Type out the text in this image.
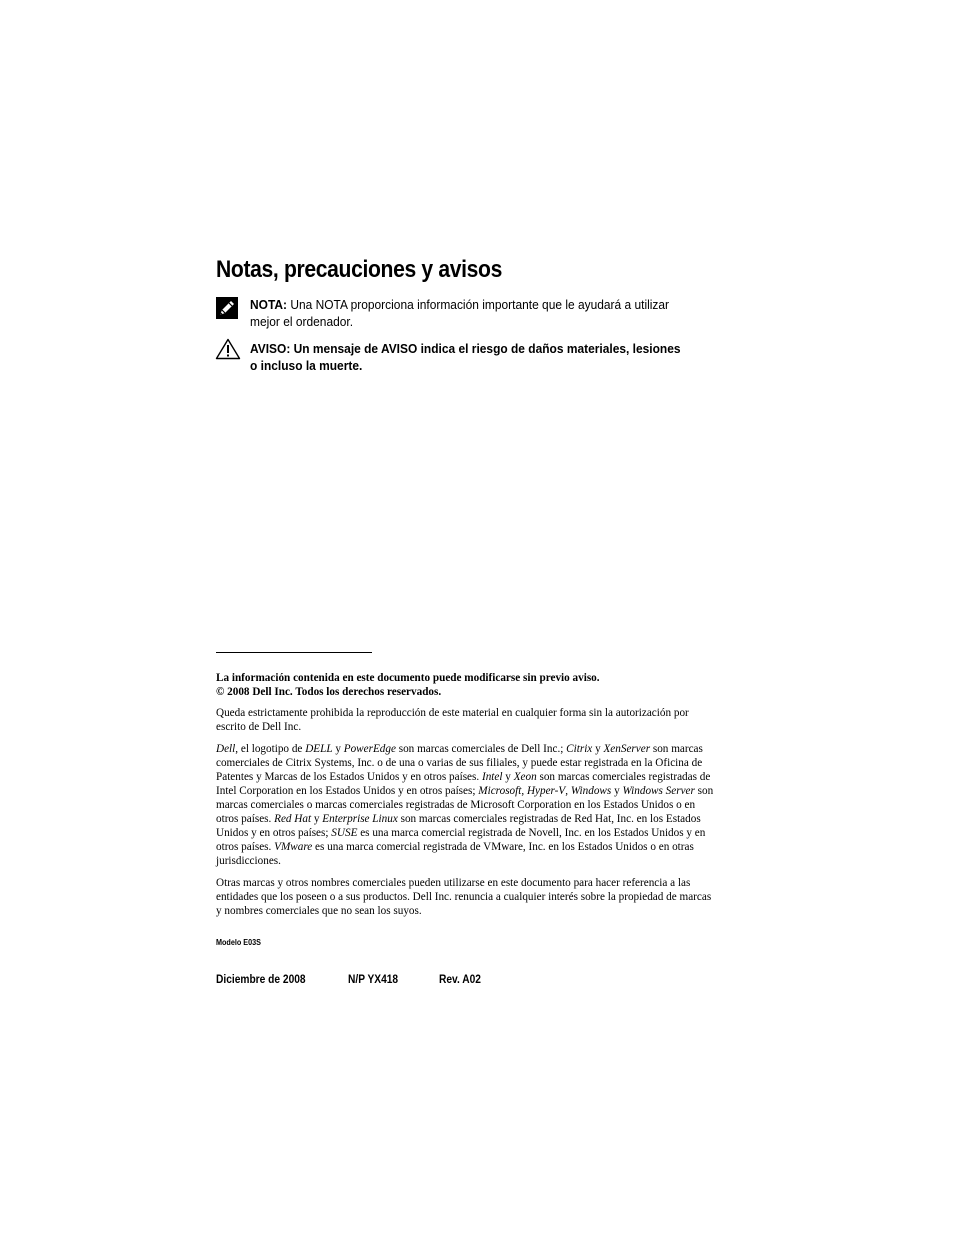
Notas, precauciones y avisos
NOTA: Una NOTA proporciona información importante que le ayudará a utilizar
mejor el ordenador.
AVISO: Un mensaje de AVISO indica el riesgo de daños materiales, lesiones
o incluso la muerte.

La información contenida en este documento puede modificarse sin previo aviso.

© 2008 Dell Inc. Todos los derechos reservados.

Queda estrictamente prohibida la reproducción de este material en cualquier forma sin la autorización por escrito de Dell Inc.

Dell, el logotipo de DELL y PowerEdge son marcas comerciales de Dell Inc.; Citrix y XenServer son marcas comerciales de Citrix Systems, Inc. o de una o varias de sus filiales, y puede estar registrada en la Oficina de Patentes y Marcas de los Estados Unidos y en otros países. Intel y Xeon son marcas comerciales registradas de Intel Corporation en los Estados Unidos y en otros países; Microsoft, Hyper-V, Windows y Windows Server son marcas comerciales o marcas comerciales registradas de Microsoft Corporation en los Estados Unidos o en otros países. Red Hat y Enterprise Linux son marcas comerciales registradas de Red Hat, Inc. en los Estados Unidos y en otros países; SUSE es una marca comercial registrada de Novell, Inc. en los Estados Unidos y en otros países. VMware es una marca comercial registrada de VMware, Inc. en los Estados Unidos o en otras jurisdicciones.

Otras marcas y otros nombres comerciales pueden utilizarse en este documento para hacer referencia a las entidades que los poseen o a sus productos. Dell Inc. renuncia a cualquier interés sobre la propiedad de marcas y nombres comerciales que no sean los suyos.

Modelo E03S
Diciembre de 2008	N/P YX418	Rev. A02
